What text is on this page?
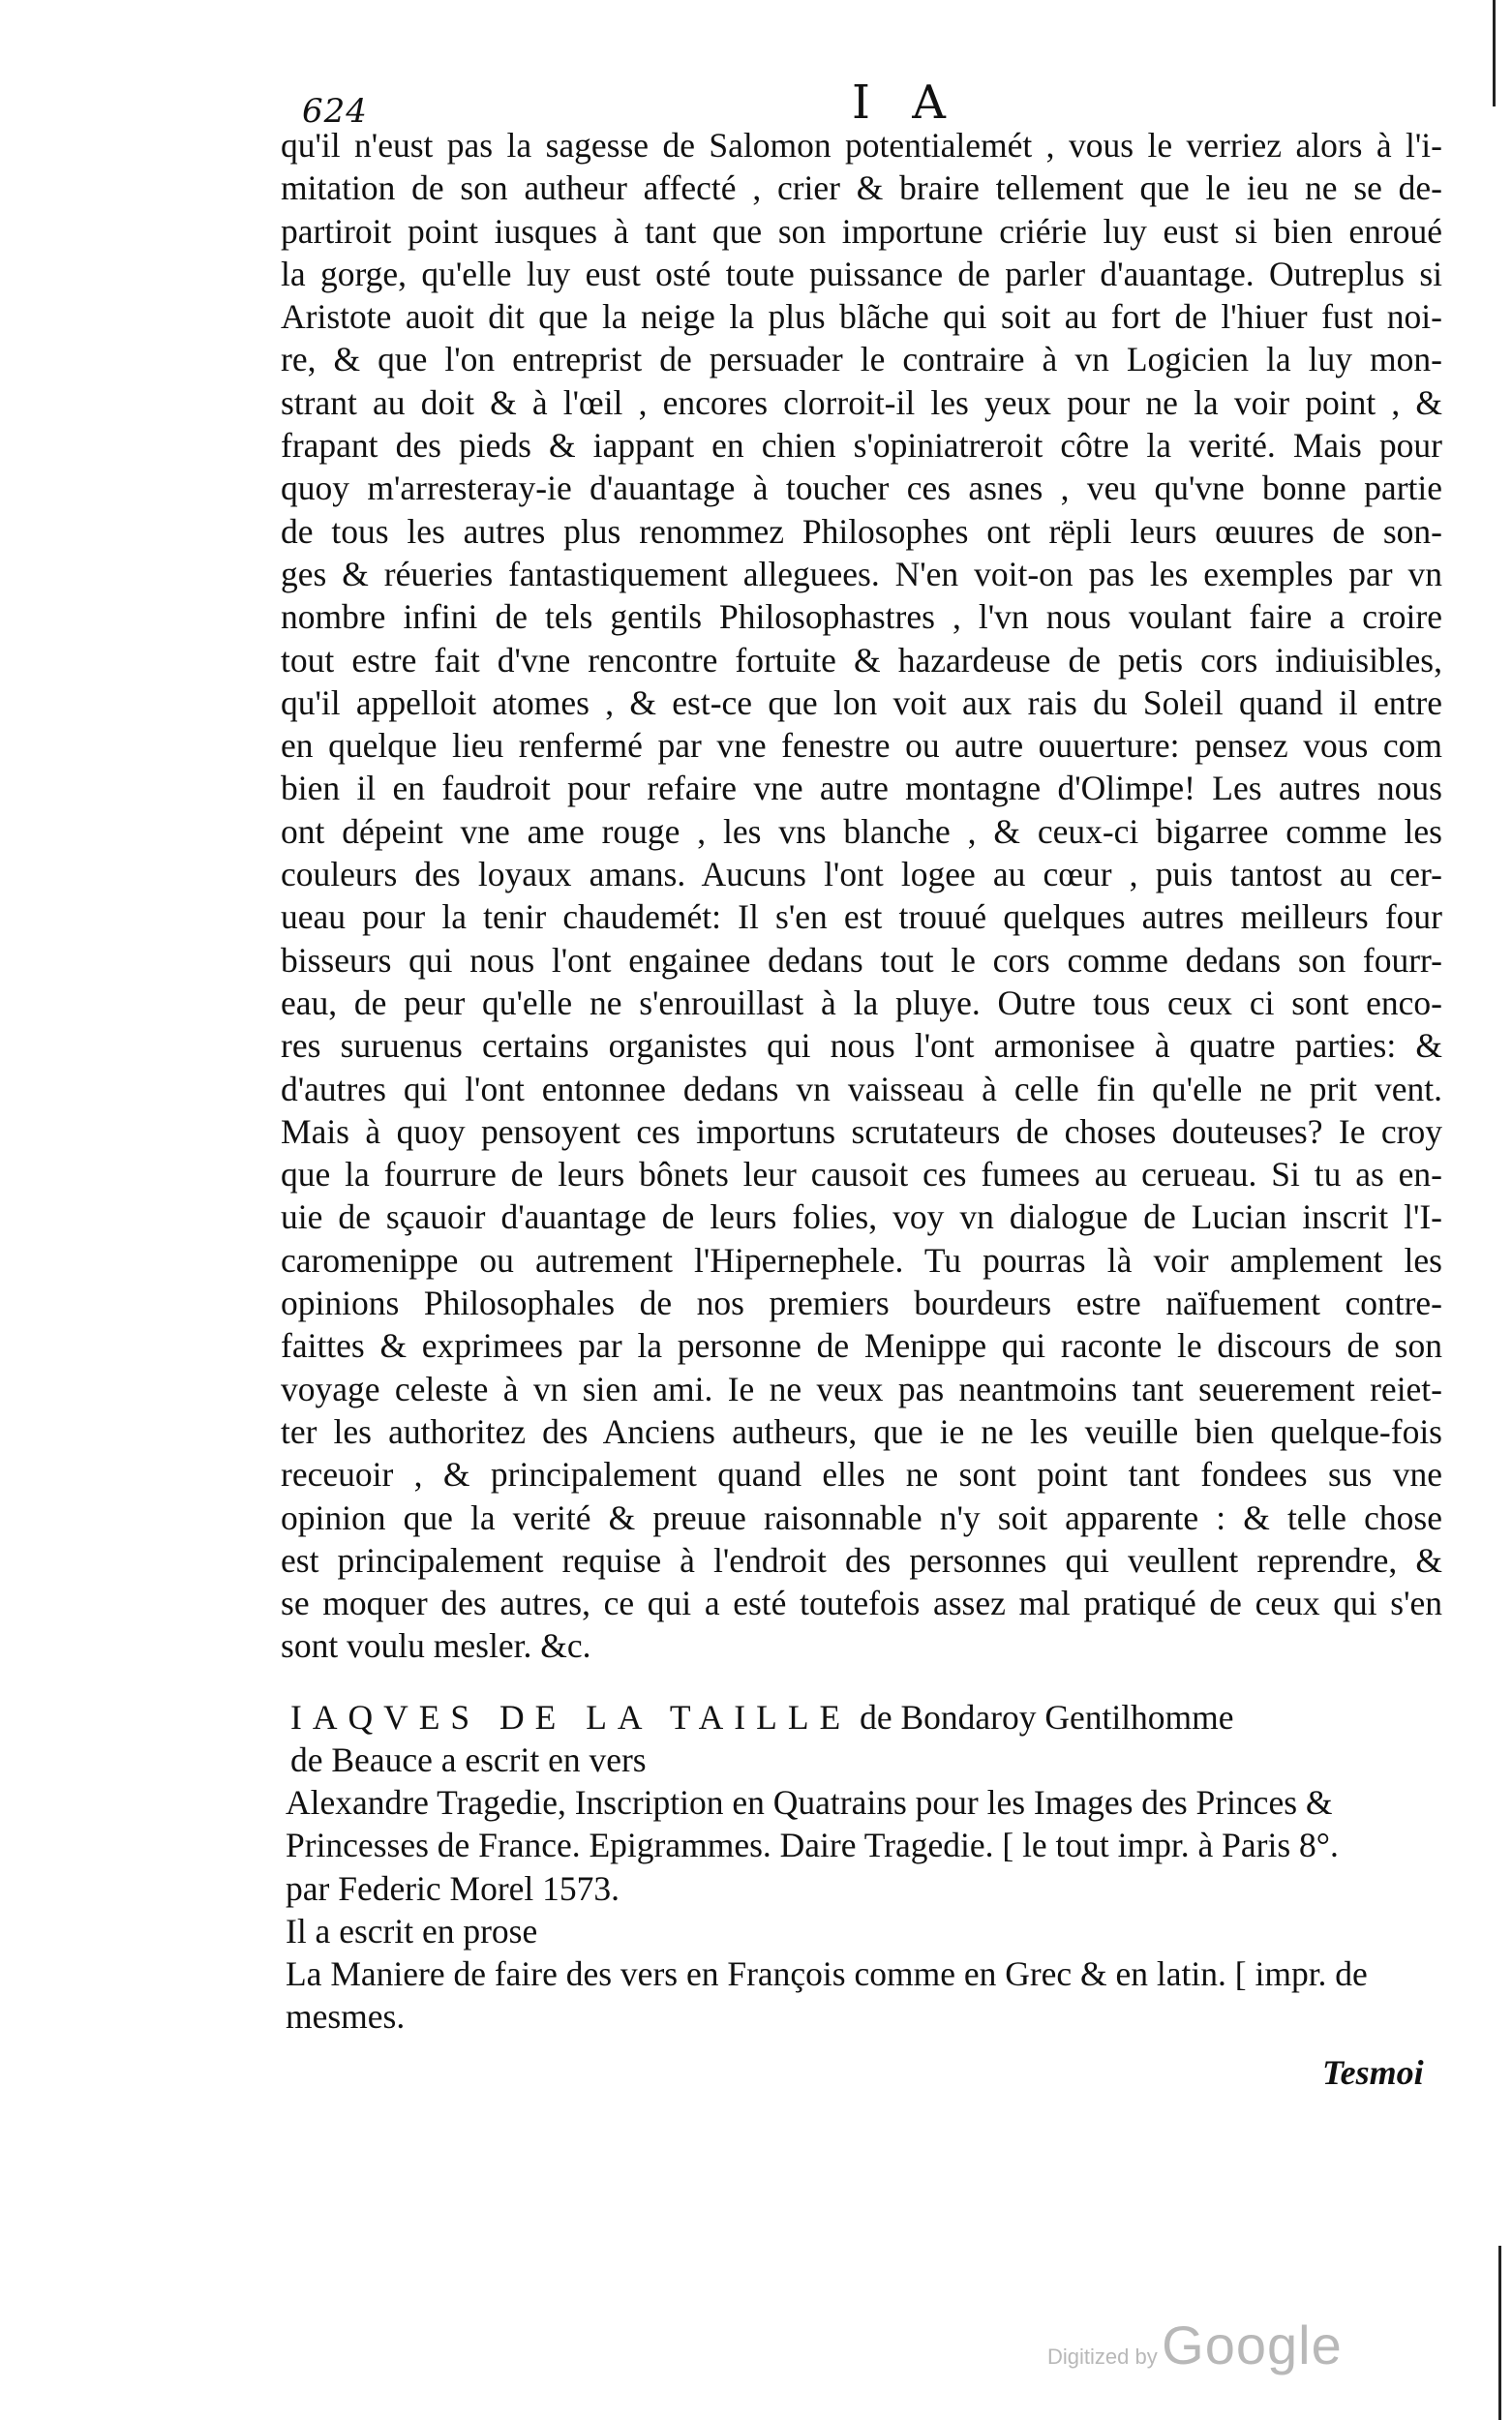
624	I A
qu'il n'eust pas la sagesse de Salomon potentialemét , vous le verriez alors à l'i-
mitation de son autheur affecté , crier & braire tellement que le ieu ne se de-
partiroit point iusques à tant que son importune criérie luy eust si bien enroué
la gorge, qu'elle luy eust osté toute puissance de parler d'auantage. Outreplus si
Aristote auoit dit que la neige la plus blãche qui soit au fort de l'hiuer fust noi-
re, & que l'on entreprist de persuader le contraire à vn Logicien la luy mon-
strant au doit & à l'œil , encores clorroit-il les yeux pour ne la voir point , &
frapant des pieds & iappant en chien s'opiniatreroit côtre la verité. Mais pour
quoy m'arresteray-ie d'auantage à toucher ces asnes , veu qu'vne bonne partie
de tous les autres plus renommez Philosophes ont rëpli leurs œuures de son-
ges & réueries fantastiquement alleguees. N'en voit-on pas les exemples par vn
nombre infini de tels gentils Philosophastres , l'vn nous voulant faire a croire
tout estre fait d'vne rencontre fortuite & hazardeuse de petis cors indiuisibles,
qu'il appelloit atomes , & est-ce que lon voit aux rais du Soleil quand il entre
en quelque lieu renfermé par vne fenestre ou autre ouuerture: pensez vous com
bien il en faudroit pour refaire vne autre montagne d'Olimpe! Les autres nous
ont dépeint vne ame rouge , les vns blanche , & ceux-ci bigarree comme les
couleurs des loyaux amans. Aucuns l'ont logee au cœur , puis tantost au cer-
ueau pour la tenir chaudemét: Il s'en est trouué quelques autres meilleurs four
bisseurs qui nous l'ont engainee dedans tout le cors comme dedans son fourr-
eau, de peur qu'elle ne s'enrouillast à la pluye. Outre tous ceux ci sont enco-
res suruenus certains organistes qui nous l'ont armonisee à quatre parties: &
d'autres qui l'ont entonnee dedans vn vaisseau à celle fin qu'elle ne prit vent.
Mais à quoy pensoyent ces importuns scrutateurs de choses douteuses? Ie croy
que la fourrure de leurs bônets leur causoit ces fumees au cerueau. Si tu as en-
uie de sçauoir d'auantage de leurs folies, voy vn dialogue de Lucian inscrit l'I-
caromenippe ou autrement l'Hipernephele. Tu pourras là voir amplement les
opinions Philosophales de nos premiers bourdeurs estre naïfuement contre-
faittes & exprimees par la personne de Menippe qui raconte le discours de son
voyage celeste à vn sien ami. Ie ne veux pas neantmoins tant seuerement reiet-
ter les authoritez des Anciens autheurs, que ie ne les veuille bien quelque-fois
receuoir , & principalement quand elles ne sont point tant fondees sus vne
opinion que la verité & preuue raisonnable n'y soit apparente : & telle chose
est principalement requise à l'endroit des personnes qui veullent reprendre, &
se moquer des autres, ce qui a esté toutefois assez mal pratiqué de ceux qui s'en
sont voulu mesler. &c.
IAQVES DE LA TAILLE de Bondaroy Gentilhomme
de Beauce a escrit en vers
Alexandre Tragedie, Inscription en Quatrains pour les Images des Princes &
Princesses de France. Epigrammes. Daire Tragedie. [ le tout impr. à Paris 8°.
par Federic Morel 1573.
Il a escrit en prose
La Maniere de faire des vers en François comme en Grec & en latin. [ impr. de
mesmes.
Tesmoi
Digitized by Google
